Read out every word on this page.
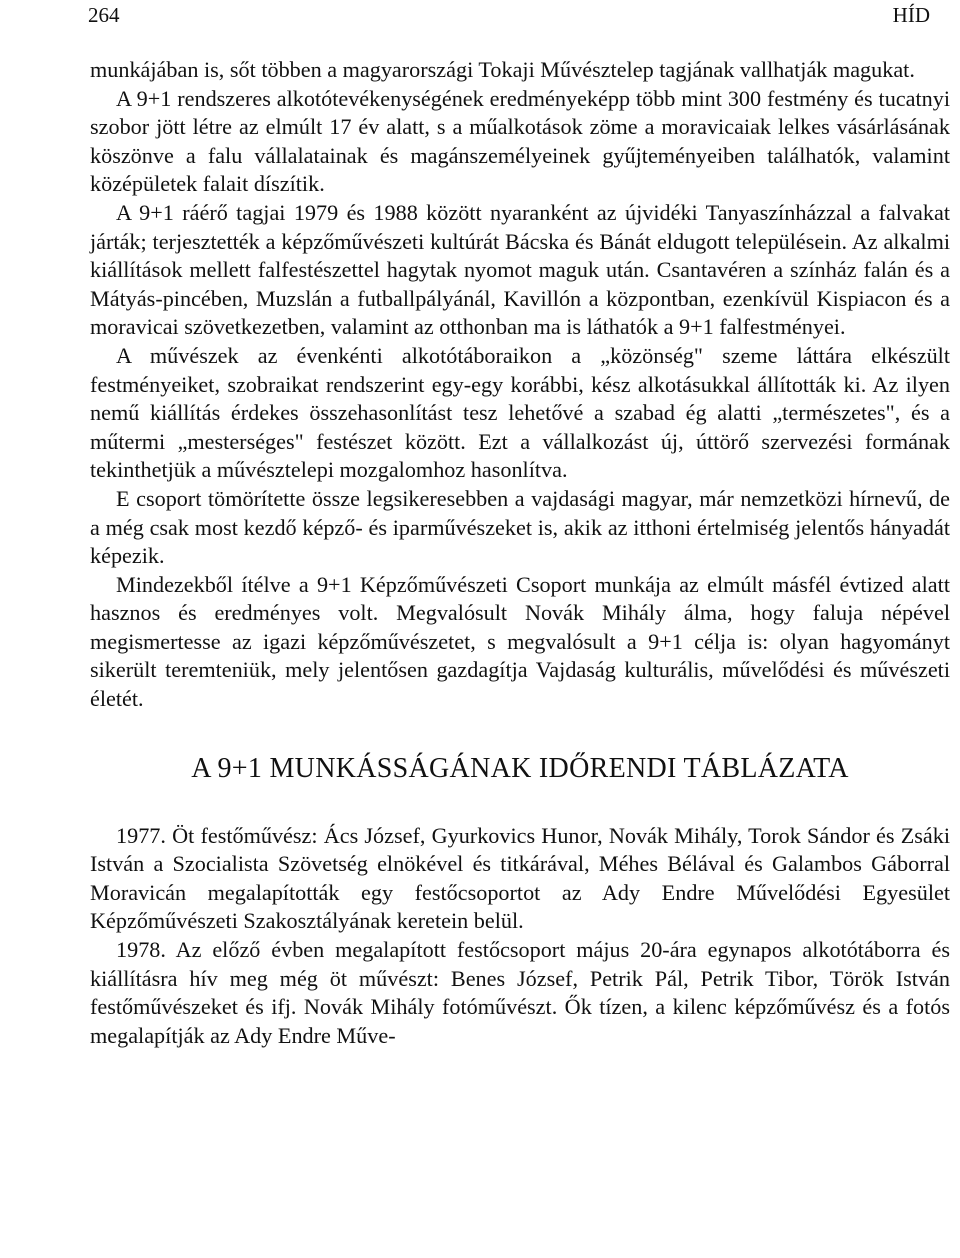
264	HÍD

munkájában is, sőt többen a magyarországi Tokaji Művésztelep tagjának vallhatják magukat.

A 9+1 rendszeres alkotótevékenységének eredményeképp több mint 300 festmény és tucatnyi szobor jött létre az elmúlt 17 év alatt, s a műalkotások zöme a moravicaiak lelkes vásárlásának köszönve a falu vállalatainak és magánszemélyeinek gyűjteményeiben találhatók, valamint középületek falait díszítik.

A 9+1 ráérő tagjai 1979 és 1988 között nyaranként az újvidéki Tanyaszínházzal a falvakat járták; terjesztették a képzőművészeti kultúrát Bácska és Bánát eldugott településein. Az alkalmi kiállítások mellett falfestészettel hagytak nyomot maguk után. Csantavéren a színház falán és a Mátyás-pincében, Muzslán a futballpályánál, Kavillón a központban, ezenkívül Kispiacon és a moravicai szövetkezetben, valamint az otthonban ma is láthatók a 9+1 falfestményei.

A művészek az évenkénti alkotótáboraikon a „közönség" szeme láttára elkészült festményeiket, szobraikat rendszerint egy-egy korábbi, kész alkotásukkal állították ki. Az ilyen nemű kiállítás érdekes összehasonlítást tesz lehetővé a szabad ég alatti „természetes", és a műtermi „mesterséges" festészet között. Ezt a vállalkozást új, úttörő szervezési formának tekinthetjük a művésztelepi mozgalomhoz hasonlítva.

E csoport tömörítette össze legsikeresebben a vajdasági magyar, már nemzetközi hírnevű, de a még csak most kezdő képző- és iparművészeket is, akik az itthoni értelmiség jelentős hányadát képezik.

Mindezekből ítélve a 9+1 Képzőművészeti Csoport munkája az elmúlt másfél évtized alatt hasznos és eredményes volt. Megvalósult Novák Mihály álma, hogy faluja népével megismertesse az igazi képzőművészetet, s megvalósult a 9+1 célja is: olyan hagyományt sikerült teremteniük, mely jelentősen gazdagítja Vajdaság kulturális, művelődési és művészeti életét.

A 9+1 MUNKÁSSÁGÁNAK IDŐRENDI TÁBLÁZATA

1977. Öt festőművész: Ács József, Gyurkovics Hunor, Novák Mihály, Torok Sándor és Zsáki István a Szocialista Szövetség elnökével és titkárával, Méhes Bélával és Galambos Gáborral Moravicán megalapították egy festőcsoportot az Ady Endre Művelődési Egyesület Képzőművészeti Szakosztályának keretein belül.

1978. Az előző évben megalapított festőcsoport május 20-ára egynapos alkotótáborra és kiállításra hív meg még öt művészt: Benes József, Petrik Pál, Petrik Tibor, Török István festőművészeket és ifj. Novák Mihály fotóművészt. Ők tízen, a kilenc képzőművész és a fotós megalapítják az Ady Endre Műve-
